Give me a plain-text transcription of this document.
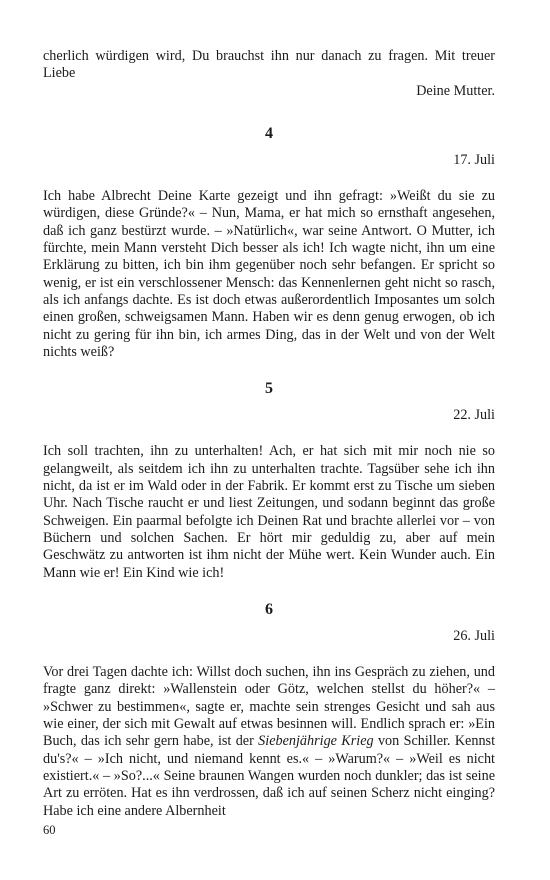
cherlich würdigen wird, Du brauchst ihn nur danach zu fragen. Mit treuer Liebe

Deine Mutter.

4

17. Juli

Ich habe Albrecht Deine Karte gezeigt und ihn gefragt: »Weißt du sie zu würdigen, diese Gründe?« – Nun, Mama, er hat mich so ernsthaft angesehen, daß ich ganz bestürzt wurde. – »Natürlich«, war seine Antwort. O Mutter, ich fürchte, mein Mann versteht Dich besser als ich! Ich wagte nicht, ihn um eine Erklärung zu bitten, ich bin ihm gegenüber noch sehr befangen. Er spricht so wenig, er ist ein verschlossener Mensch: das Kennenlernen geht nicht so rasch, als ich anfangs dachte. Es ist doch etwas außerordentlich Imposantes um solch einen großen, schweigsamen Mann. Haben wir es denn genug erwogen, ob ich nicht zu gering für ihn bin, ich armes Ding, das in der Welt und von der Welt nichts weiß?

5

22. Juli

Ich soll trachten, ihn zu unterhalten! Ach, er hat sich mit mir noch nie so gelangweilt, als seitdem ich ihn zu unterhalten trachte. Tagsüber sehe ich ihn nicht, da ist er im Wald oder in der Fabrik. Er kommt erst zu Tische um sieben Uhr. Nach Tische raucht er und liest Zeitungen, und sodann beginnt das große Schweigen. Ein paarmal befolgte ich Deinen Rat und brachte allerlei vor – von Büchern und solchen Sachen. Er hört mir geduldig zu, aber auf mein Geschwätz zu antworten ist ihm nicht der Mühe wert. Kein Wunder auch. Ein Mann wie er! Ein Kind wie ich!

6

26. Juli

Vor drei Tagen dachte ich: Willst doch suchen, ihn ins Gespräch zu ziehen, und fragte ganz direkt: »Wallenstein oder Götz, welchen stellst du höher?« – »Schwer zu bestimmen«, sagte er, machte sein strenges Gesicht und sah aus wie einer, der sich mit Gewalt auf etwas besinnen will. Endlich sprach er: »Ein Buch, das ich sehr gern habe, ist der Siebenjährige Krieg von Schiller. Kennst du's?« – »Ich nicht, und niemand kennt es.« – »Warum?« – »Weil es nicht existiert.« – »So?...« Seine braunen Wangen wurden noch dunkler; das ist seine Art zu erröten. Hat es ihn verdrossen, daß ich auf seinen Scherz nicht einging? Habe ich eine andere Albernheit

60
